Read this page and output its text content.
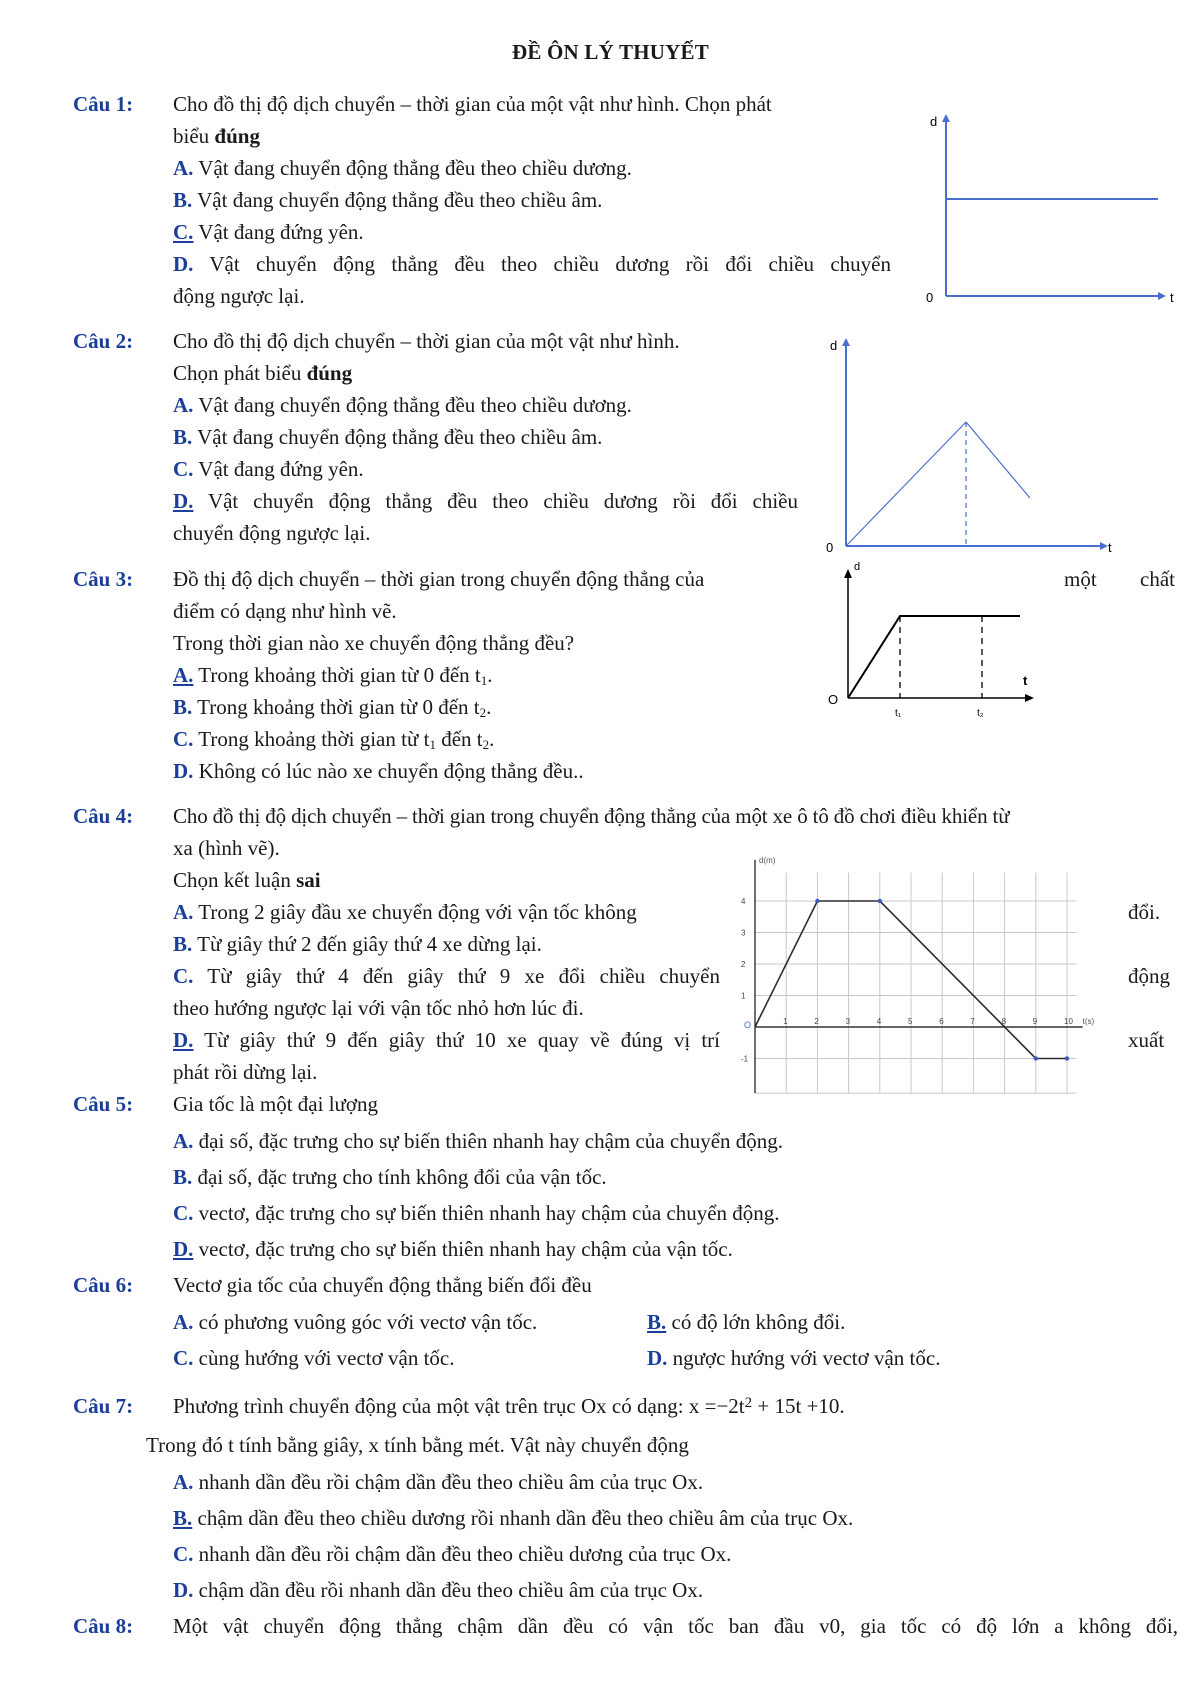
ĐỀ ÔN LÝ THUYẾT
Câu 1: Cho đồ thị độ dịch chuyển – thời gian của một vật như hình. Chọn phát
biểu đúng
A. Vật đang chuyển động thẳng đều theo chiều dương.
B. Vật đang chuyển động thẳng đều theo chiều âm.
C. Vật đang đứng yên.
D. Vật chuyển động thẳng đều theo chiều dương rồi đổi chiều chuyển
động ngược lại.
d
0	t
Câu 2: Cho đồ thị độ dịch chuyển – thời gian của một vật như hình.
Chọn phát biểu đúng
A. Vật đang chuyển động thẳng đều theo chiều dương.
B. Vật đang chuyển động thẳng đều theo chiều âm.
C. Vật đang đứng yên.
D. Vật chuyển động thẳng đều theo chiều dương rồi đổi chiều
chuyển động ngược lại.
d
0	t
Câu 3: Đồ thị độ dịch chuyển – thời gian trong chuyển động thẳng của	một chất
điểm có dạng như hình vẽ.
Trong thời gian nào xe chuyển động thẳng đều?
A. Trong khoảng thời gian từ 0 đến $t_1$.
B. Trong khoảng thời gian từ 0 đến $t_2$.
C. Trong khoảng thời gian từ $t_1$ đến $t_2$.
D. Không có lúc nào xe chuyển động thẳng đều..
d
O
t
t₁	t₂
Câu 4: Cho đồ thị độ dịch chuyển – thời gian trong chuyển động thẳng của một xe ô tô đồ chơi điều khiển từ
xa (hình vẽ).
Chọn kết luận sai
A. Trong 2 giây đầu xe chuyển động với vận tốc không	đổi.
B. Từ giây thứ 2 đến giây thứ 4 xe dừng lại.
C. Từ giây thứ 4 đến giây thứ 9 xe đổi chiều chuyển	động
theo hướng ngược lại với vận tốc nhỏ hơn lúc đi.
D. Từ giây thứ 9 đến giây thứ 10 xe quay về đúng vị trí	xuất
phát rồi dừng lại.
1	2	3	4	5	6	7	8	9	10
4
3
2
1
-1
d(m)
t(s)
O
Câu 5: Gia tốc là một đại lượng
A. đại số, đặc trưng cho sự biến thiên nhanh hay chậm của chuyển động.
B. đại số, đặc trưng cho tính không đổi của vận tốc.
C. vectơ, đặc trưng cho sự biến thiên nhanh hay chậm của chuyển động.
D. vectơ, đặc trưng cho sự biến thiên nhanh hay chậm của vận tốc.
Câu 6: Vectơ gia tốc của chuyển động thẳng biến đổi đều
A. có phương vuông góc với vectơ vận tốc.	B. có độ lớn không đổi.
C. cùng hướng với vectơ vận tốc.	D. ngược hướng với vectơ vận tốc.
Câu 7: Phương trình chuyển động của một vật trên trục Ox có dạng: $x =-2t^2 + 15t +10$.
Trong đó t tính bằng giây, x tính bằng mét. Vật này chuyển động
A. nhanh dần đều rồi chậm dần đều theo chiều âm của trục Ox.
B. chậm dần đều theo chiều dương rồi nhanh dần đều theo chiều âm của trục Ox.
C. nhanh dần đều rồi chậm dần đều theo chiều dương của trục Ox.
D. chậm dần đều rồi nhanh dần đều theo chiều âm của trục Ox.
Câu 8: Một vật chuyển động thẳng chậm dần đều có vận tốc ban đầu v0, gia tốc có độ lớn a không đổi,
